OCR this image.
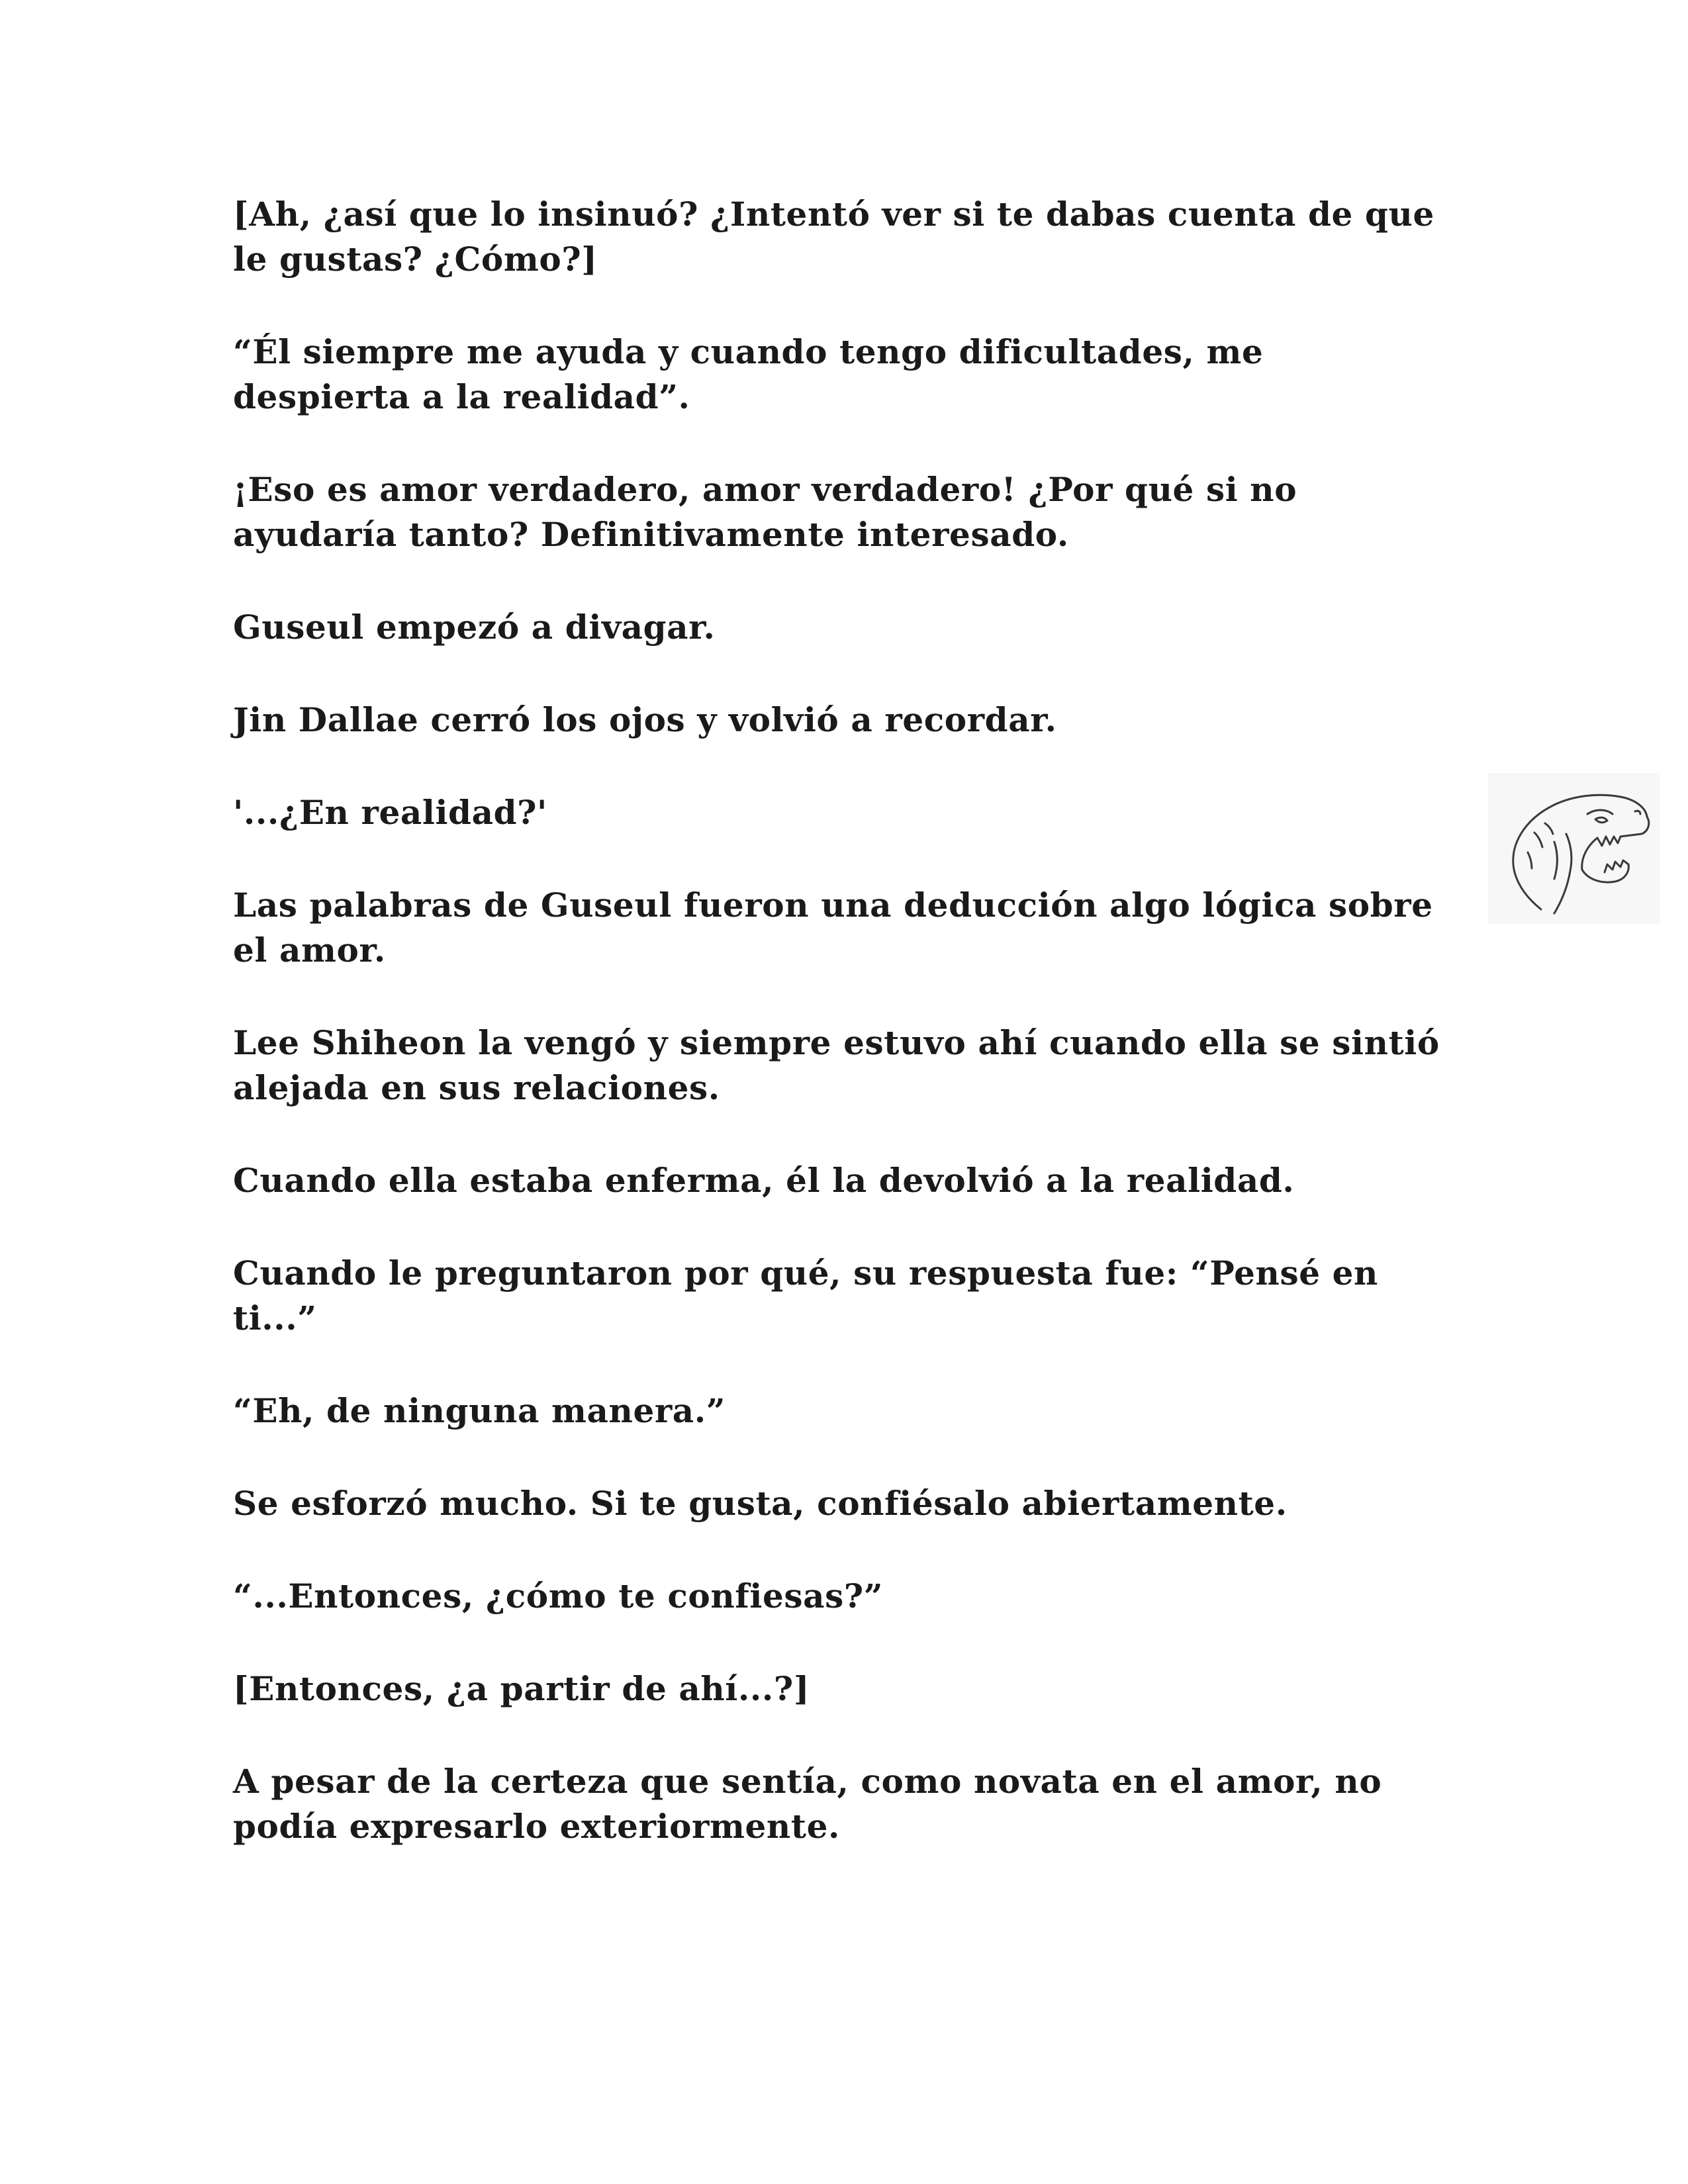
[Ah, ¿así que lo insinuó? ¿Intentó ver si te dabas cuenta de que le gustas? ¿Cómo?]

“Él siempre me ayuda y cuando tengo dificultades, me despierta a la realidad”.

¡Eso es amor verdadero, amor verdadero! ¿Por qué si no ayudaría tanto? Definitivamente interesado.

Guseul empezó a divagar.

Jin Dallae cerró los ojos y volvió a recordar.

'...¿En realidad?'

Las palabras de Guseul fueron una deducción algo lógica sobre el amor.

Lee Shiheon la vengó y siempre estuvo ahí cuando ella se sintió alejada en sus relaciones.

Cuando ella estaba enferma, él la devolvió a la realidad.

Cuando le preguntaron por qué, su respuesta fue: “Pensé en ti...”

“Eh, de ninguna manera.”

Se esforzó mucho. Si te gusta, confiésalo abiertamente.

“...Entonces, ¿cómo te confiesas?”

[Entonces, ¿a partir de ahí...?]

A pesar de la certeza que sentía, como novata en el amor, no podía expresarlo exteriormente.
